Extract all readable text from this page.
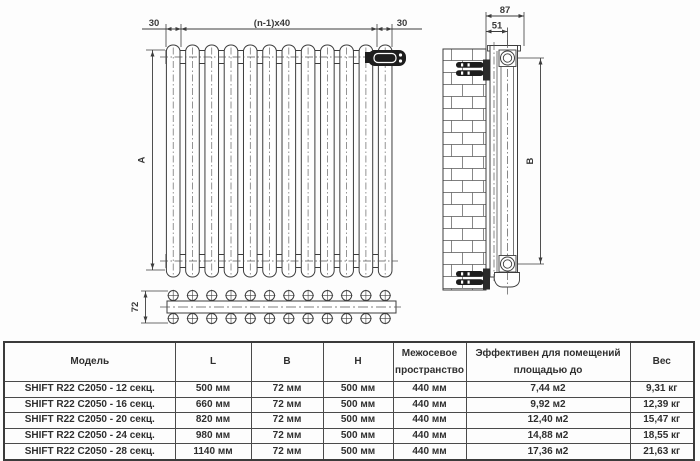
30	(n-1)x40	30
A
87
51
B
72
Модель	L	B	H	Межосевое пространство	Эффективен для помещений площадью до	Вес
SHIFT R22 C2050 - 12 секц.	500 мм	72 мм	500 мм	440 мм	7,44 м2	9,31 кг
SHIFT R22 C2050 - 16 секц.	660 мм	72 мм	500 мм	440 мм	9,92 м2	12,39 кг
SHIFT R22 C2050 - 20 секц.	820 мм	72 мм	500 мм	440 мм	12,40 м2	15,47 кг
SHIFT R22 C2050 - 24 секц.	980 мм	72 мм	500 мм	440 мм	14,88 м2	18,55 кг
SHIFT R22 C2050 - 28 секц.	1140 мм	72 мм	500 мм	440 мм	17,36 м2	21,63 кг
